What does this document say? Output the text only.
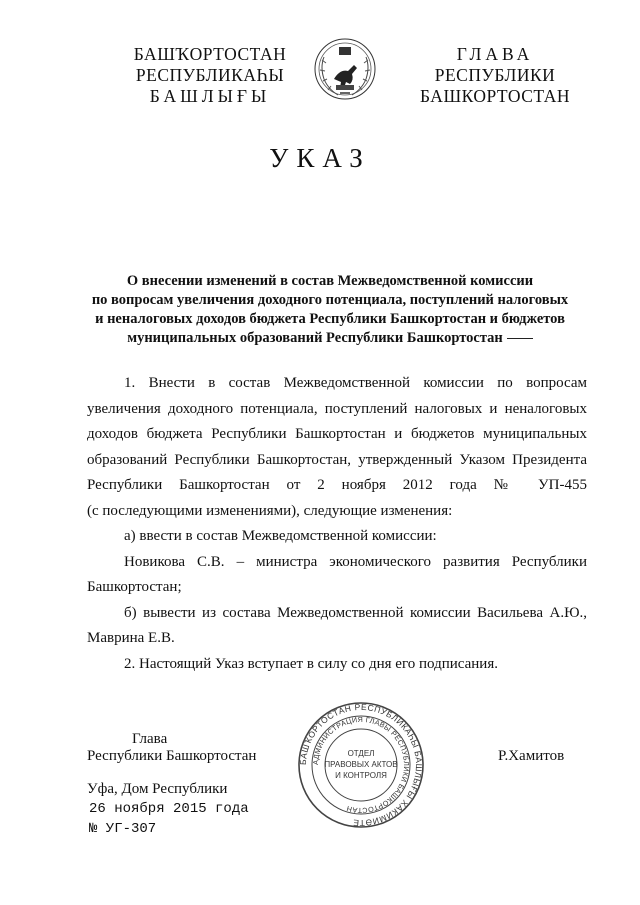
БАШҠОРТОСТАН
РЕСПУБЛИКАҺЫ
БАШЛЫҒЫ
ГЛАВА
РЕСПУБЛИКИ
БАШКОРТОСТАН
УКАЗ
О внесении изменений в состав Межведомственной комиссии
по вопросам увеличения доходного потенциала, поступлений налоговых
и неналоговых доходов бюджета Республики Башкортостан и бюджетов
муниципальных образований Республики Башкортостан
1. Внести в состав Межведомственной комиссии по вопросам
увеличения доходного потенциала, поступлений налоговых и неналоговых
доходов бюджета Республики Башкортостан и бюджетов муниципальных
образований Республики Башкортостан, утвержденный Указом Президента
Республики Башкортостан от 2 ноября 2012 года № УП-455
(с последующими изменениями), следующие изменения:
а) ввести в состав Межведомственной комиссии:
Новикова С.В. – министра экономического развития Республики
Башкортостан;
б) вывести из состава Межведомственной комиссии Васильева А.Ю.,
Маврина Е.В.
2. Настоящий Указ вступает в силу со дня его подписания.
БАШҠОРТОСТАН РЕСПУБЛИКАҺЫ БАШЛЫҒЫ ХАКИМИӘТЕ
АДМИНИСТРАЦИЯ ГЛАВЫ РЕСПУБЛИКИ БАШКОРТОСТАН
ОТДЕЛ
ПРАВОВЫХ АКТОВ
И КОНТРОЛЯ
Глава
Республики Башкортостан	Р.Хамитов
Уфа, Дом Республики
26 ноября 2015 года
№ УГ-307
